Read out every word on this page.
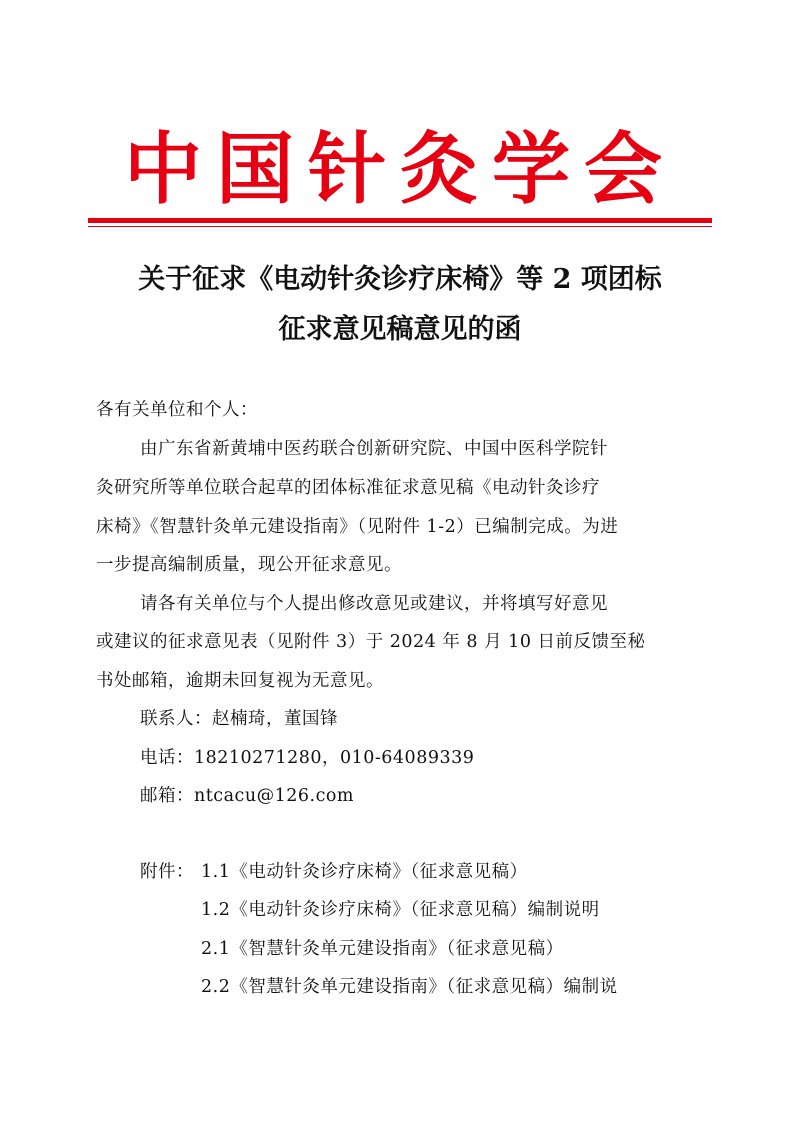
中国针灸学会
关于征求《电动针灸诊疗床椅》等 2 项团标
征求意见稿意见的函

各有关单位和个人：

由广东省新黄埔中医药联合创新研究院、中国中医科学院针

灸研究所等单位联合起草的团体标准征求意见稿《电动针灸诊疗

床椅》《智慧针灸单元建设指南》（见附件 1-2）已编制完成。为进

一步提高编制质量，现公开征求意见。

请各有关单位与个人提出修改意见或建议，并将填写好意见

或建议的征求意见表（见附件 3）于 2024 年 8 月 10 日前反馈至秘

书处邮箱，逾期未回复视为无意见。

联系人：赵楠琦，董国锋

电话：18210271280，010-64089339

邮箱：ntcacu@126.com

附件： 1.1《电动针灸诊疗床椅》（征求意见稿）

1.2《电动针灸诊疗床椅》（征求意见稿）编制说明

2.1《智慧针灸单元建设指南》（征求意见稿）

2.2《智慧针灸单元建设指南》（征求意见稿）编制说
